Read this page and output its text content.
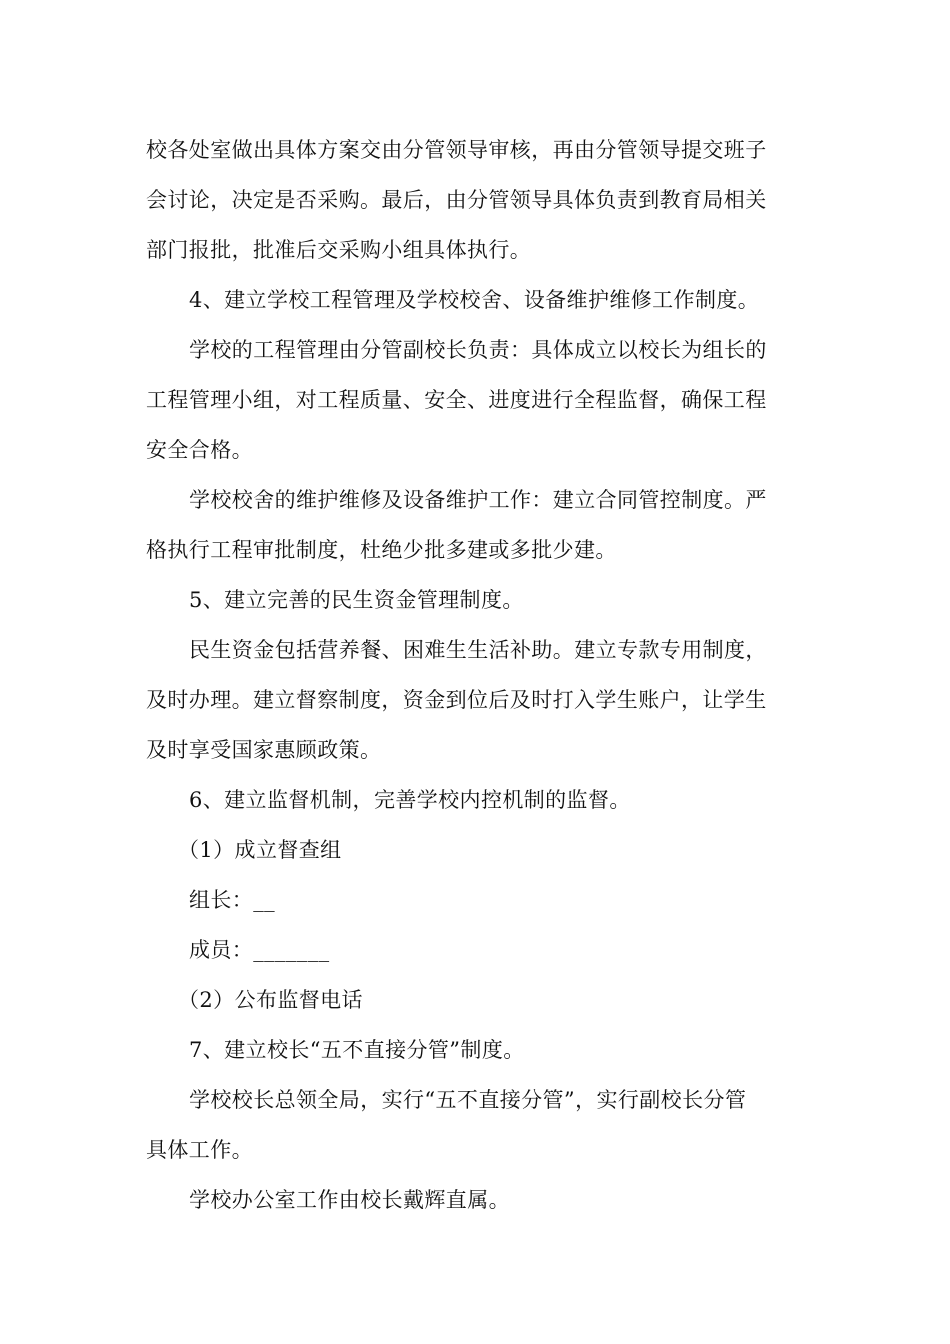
校各处室做出具体方案交由分管领导审核，再由分管领导提交班子
会讨论，决定是否采购。最后，由分管领导具体负责到教育局相关
部门报批，批准后交采购小组具体执行。

4、建立学校工程管理及学校校舍、设备维护维修工作制度。

学校的工程管理由分管副校长负责：具体成立以校长为组长的
工程管理小组，对工程质量、安全、进度进行全程监督，确保工程
安全合格。

学校校舍的维护维修及设备维护工作：建立合同管控制度。严
格执行工程审批制度，杜绝少批多建或多批少建。

5、建立完善的民生资金管理制度。

民生资金包括营养餐、困难生生活补助。建立专款专用制度，
及时办理。建立督察制度，资金到位后及时打入学生账户，让学生
及时享受国家惠顾政策。

6、建立监督机制，完善学校内控机制的监督。

（1）成立督查组

组长：__

成员：_______

（2）公布监督电话

7、建立校长“五不直接分管”制度。

学校校长总领全局，实行“五不直接分管”，实行副校长分管
具体工作。

学校办公室工作由校长戴辉直属。
